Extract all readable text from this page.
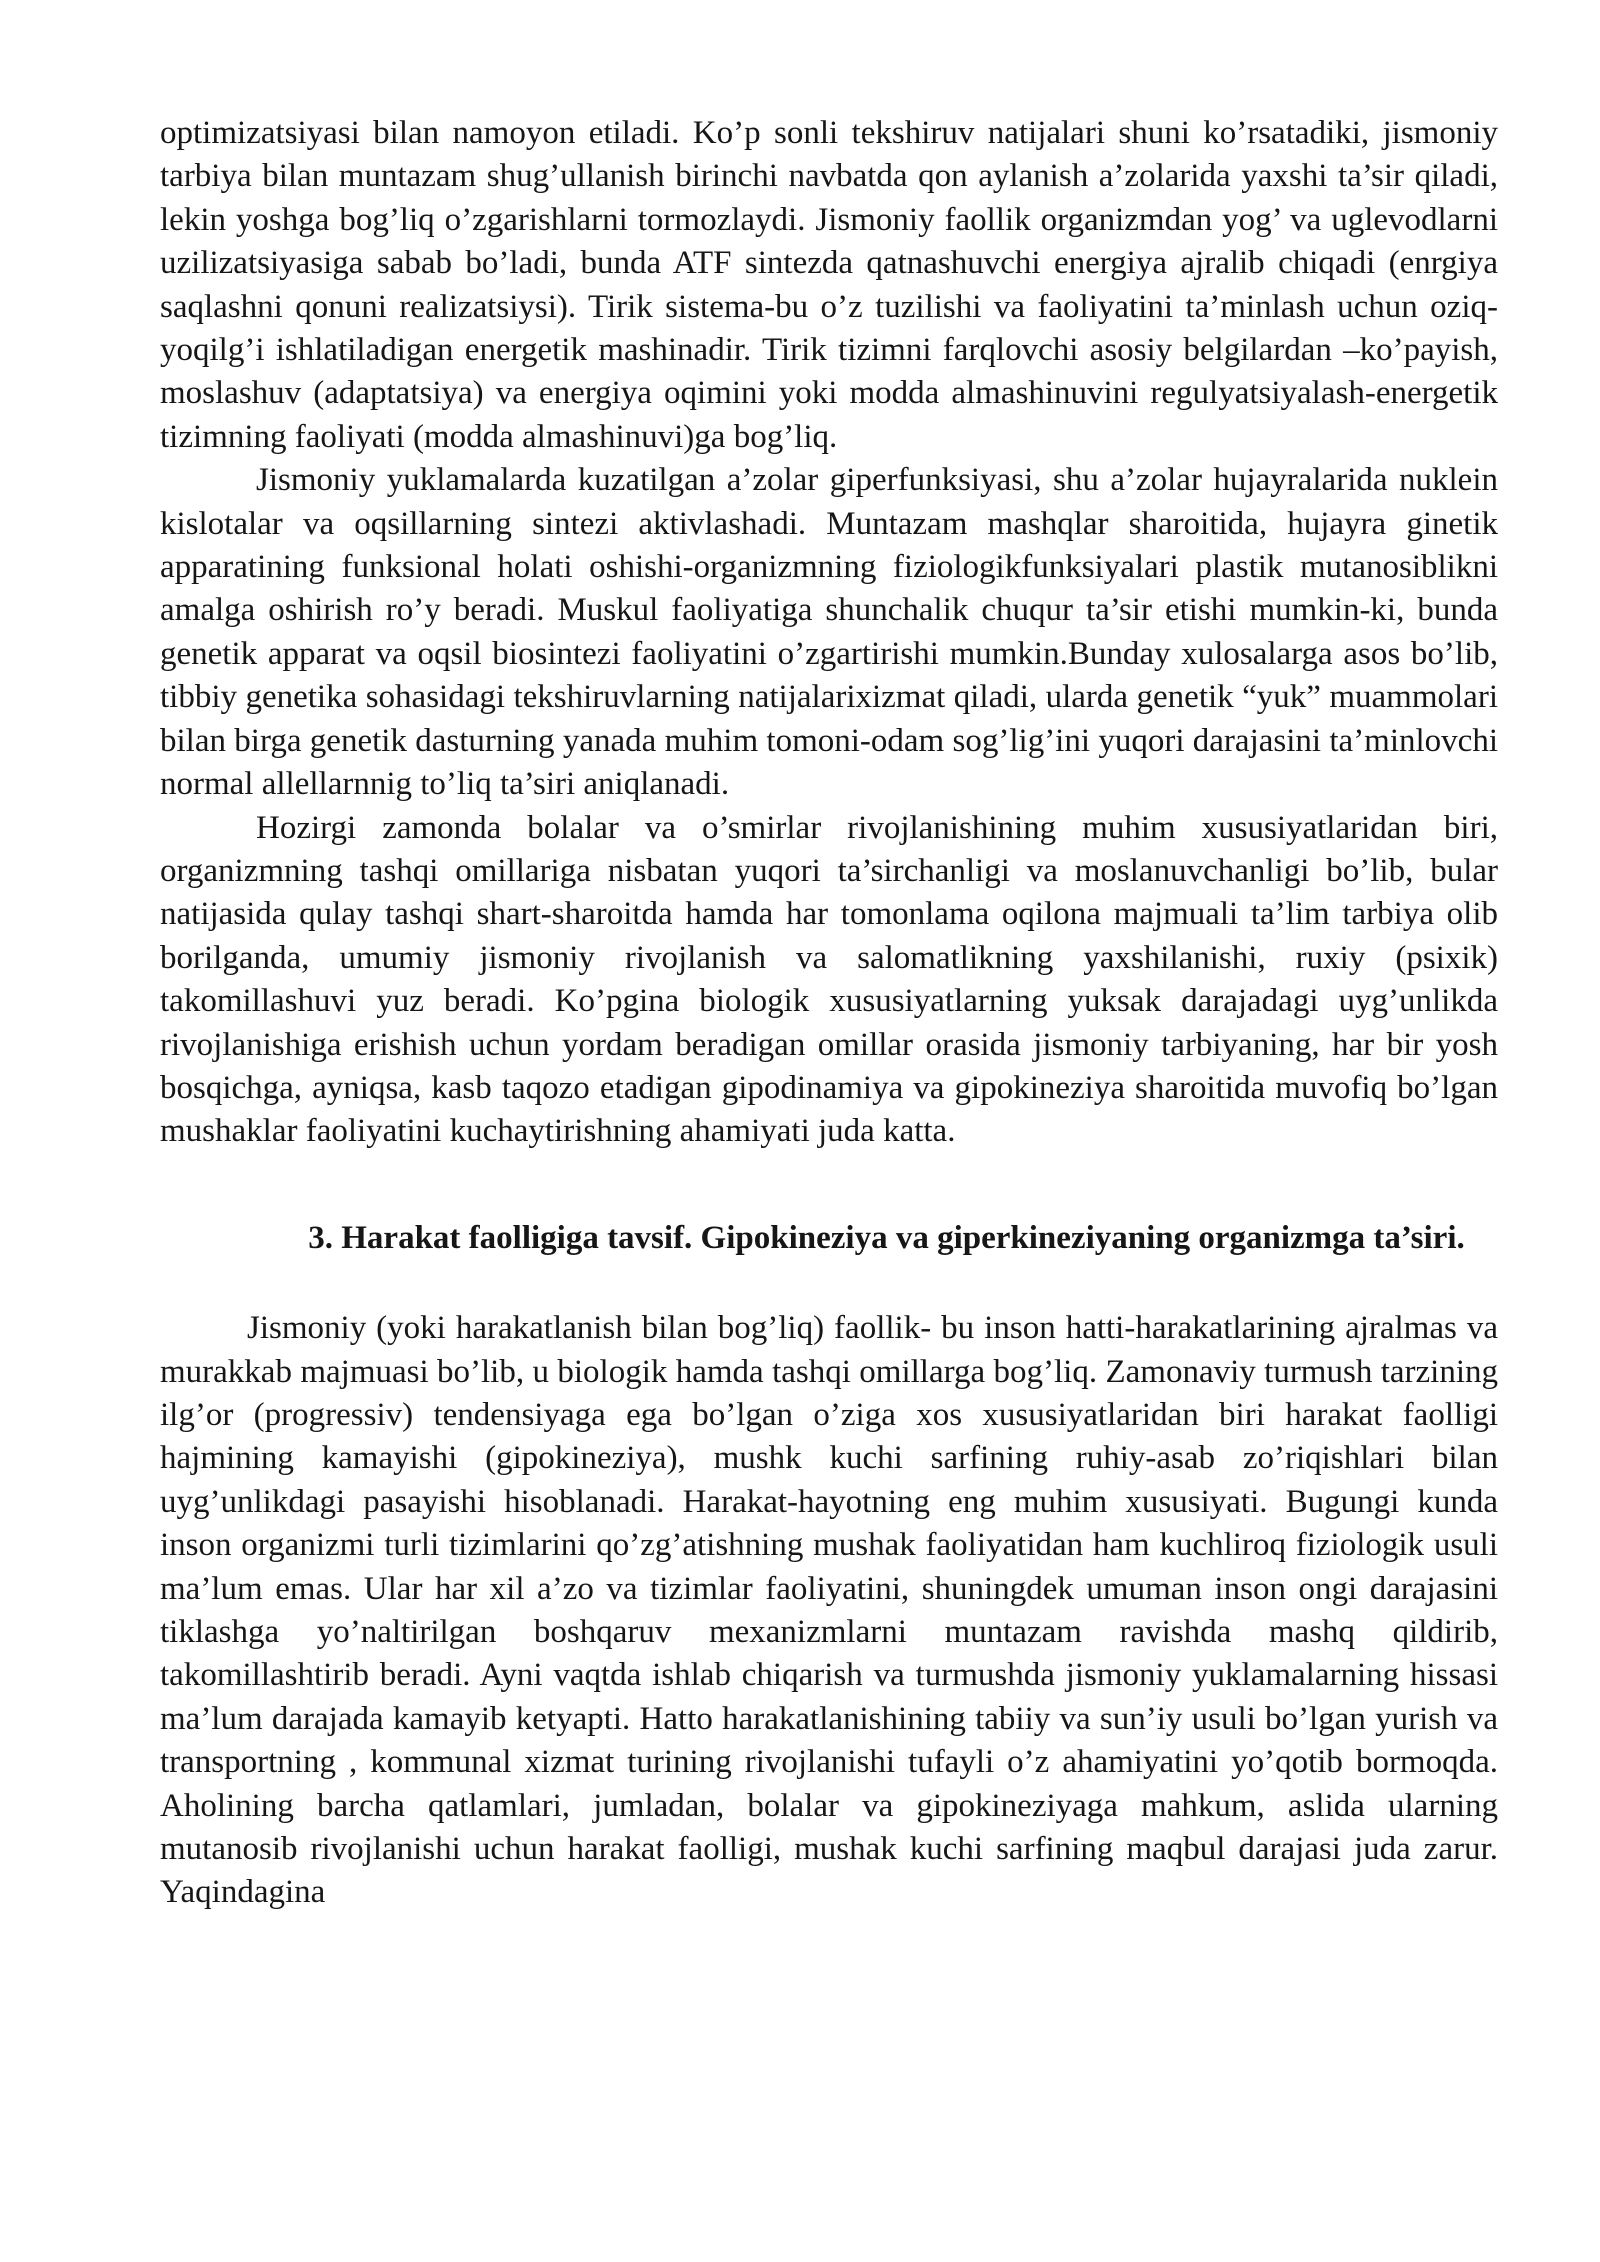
optimizatsiyasi bilan namoyon etiladi. Ko’p sonli tekshiruv natijalari shuni ko’rsatadiki, jismoniy tarbiya bilan muntazam shug’ullanish birinchi navbatda qon aylanish a’zolarida yaxshi ta’sir qiladi, lekin yoshga bog’liq o’zgarishlarni tormozlaydi. Jismoniy faollik organizmdan yog’ va uglevodlarni uzilizatsiyasiga sabab bo’ladi, bunda ATF sintezda qatnashuvchi energiya ajralib chiqadi (enrgiya saqlashni qonuni realizatsiysi). Tirik sistema-bu o’z tuzilishi va faoliyatini ta’minlash uchun oziq-yoqilg’i ishlatiladigan energetik mashinadir. Tirik tizimni farqlovchi asosiy belgilardan –ko’payish, moslashuv (adaptatsiya) va energiya oqimini yoki modda almashinuvini regulyatsiyalash-energetik tizimning faoliyati (modda almashinuvi)ga bog’liq.

Jismoniy yuklamalarda kuzatilgan a’zolar giperfunksiyasi, shu a’zolar hujayralarida nuklein kislotalar va oqsillarning sintezi aktivlashadi. Muntazam mashqlar sharoitida, hujayra ginetik apparatining funksional holati oshishi-organizmning fiziologikfunksiyalari plastik mutanosiblikni amalga oshirish ro’y beradi. Muskul faoliyatiga shunchalik chuqur ta’sir etishi mumkin-ki, bunda genetik apparat va oqsil biosintezi faoliyatini o’zgartirishi mumkin.Bunday xulosalarga asos bo’lib, tibbiy genetika sohasidagi tekshiruvlarning natijalarixizmat qiladi, ularda genetik “yuk” muammolari bilan birga genetik dasturning yanada muhim tomoni-odam sog’lig’ini yuqori darajasini ta’minlovchi normal allellarnnig to’liq ta’siri aniqlanadi.

Hozirgi zamonda bolalar va o’smirlar rivojlanishining muhim xususiyatlaridan biri, organizmning tashqi omillariga nisbatan yuqori ta’sirchanligi va moslanuvchanligi bo’lib, bular natijasida qulay tashqi shart-sharoitda hamda har tomonlama oqilona majmuali ta’lim tarbiya olib borilganda, umumiy jismoniy rivojlanish va salomatlikning yaxshilanishi, ruxiy (psixik) takomillashuvi yuz beradi. Ko’pgina biologik xususiyatlarning yuksak darajadagi uyg’unlikda rivojlanishiga erishish uchun yordam beradigan omillar orasida jismoniy tarbiyaning, har bir yosh bosqichga, ayniqsa, kasb taqozo etadigan gipodinamiya va gipokineziya sharoitida muvofiq bo’lgan mushaklar faoliyatini kuchaytirishning ahamiyati juda katta.

3. Harakat faolligiga tavsif. Gipokineziya va giperkineziyaning organizmga ta’siri.

Jismoniy (yoki harakatlanish bilan bog’liq) faollik- bu inson hatti-harakatlarining ajralmas va murakkab majmuasi bo’lib, u biologik hamda tashqi omillarga bog’liq. Zamonaviy turmush tarzining ilg’or (progressiv) tendensiyaga ega bo’lgan o’ziga xos xususiyatlaridan biri harakat faolligi hajmining kamayishi (gipokineziya), mushk kuchi sarfining ruhiy-asab zo’riqishlari bilan uyg’unlikdagi pasayishi hisoblanadi. Harakat-hayotning eng muhim xususiyati. Bugungi kunda inson organizmi turli tizimlarini qo’zg’atishning mushak faoliyatidan ham kuchliroq fiziologik usuli ma’lum emas. Ular har xil a’zo va tizimlar faoliyatini, shuningdek umuman inson ongi darajasini tiklashga yo’naltirilgan boshqaruv mexanizmlarni muntazam ravishda mashq qildirib, takomillashtirib beradi. Ayni vaqtda ishlab chiqarish va turmushda jismoniy yuklamalarning hissasi ma’lum darajada kamayib ketyapti. Hatto harakatlanishining tabiiy va sun’iy usuli bo’lgan yurish va transportning , kommunal xizmat turining rivojlanishi tufayli o’z ahamiyatini yo’qotib bormoqda. Aholining barcha qatlamlari, jumladan, bolalar va gipokineziyaga mahkum, aslida ularning mutanosib rivojlanishi uchun harakat faolligi, mushak kuchi sarfining maqbul darajasi juda zarur. Yaqindagina
